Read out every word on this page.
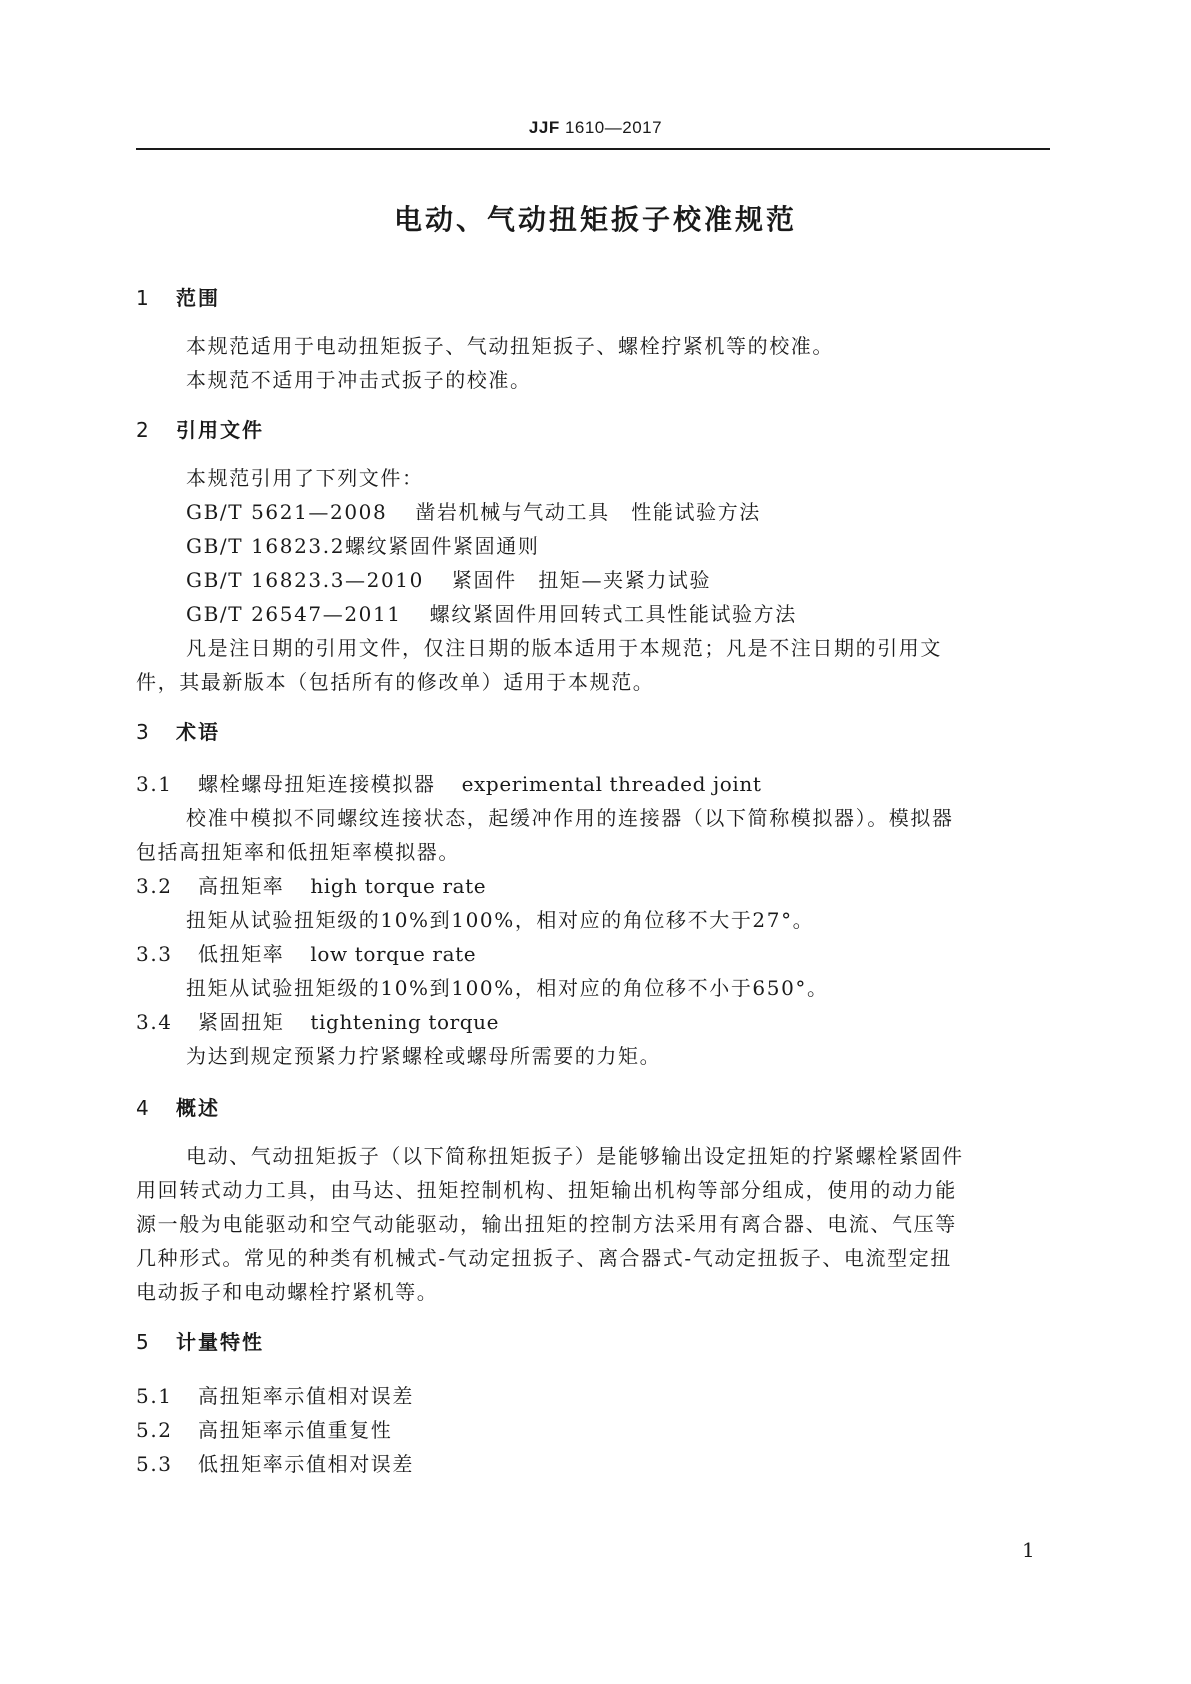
JJF 1610—2017
电动、气动扭矩扳子校准规范
1 范围
本规范适用于电动扭矩扳子、气动扭矩扳子、螺栓拧紧机等的校准。
本规范不适用于冲击式扳子的校准。
2 引用文件
本规范引用了下列文件：
GB/T 5621—2008 凿岩机械与气动工具　性能试验方法
GB/T 16823.2螺纹紧固件紧固通则
GB/T 16823.3—2010 紧固件　扭矩—夹紧力试验
GB/T 26547—2011 螺纹紧固件用回转式工具性能试验方法
凡是注日期的引用文件，仅注日期的版本适用于本规范；凡是不注日期的引用文
件，其最新版本（包括所有的修改单）适用于本规范。
3 术语
3.1 螺栓螺母扭矩连接模拟器 experimental threaded joint
校准中模拟不同螺纹连接状态，起缓冲作用的连接器（以下简称模拟器）。模拟器
包括高扭矩率和低扭矩率模拟器。
3.2 高扭矩率 high torque rate
扭矩从试验扭矩级的10%到100%，相对应的角位移不大于27°。
3.3 低扭矩率 low torque rate
扭矩从试验扭矩级的10%到100%，相对应的角位移不小于650°。
3.4 紧固扭矩 tightening torque
为达到规定预紧力拧紧螺栓或螺母所需要的力矩。
4 概述
电动、气动扭矩扳子（以下简称扭矩扳子）是能够输出设定扭矩的拧紧螺栓紧固件
用回转式动力工具，由马达、扭矩控制机构、扭矩输出机构等部分组成，使用的动力能
源一般为电能驱动和空气动能驱动，输出扭矩的控制方法采用有离合器、电流、气压等
几种形式。常见的种类有机械式-气动定扭扳子、离合器式-气动定扭扳子、电流型定扭
电动扳子和电动螺栓拧紧机等。
5 计量特性
5.1 高扭矩率示值相对误差
5.2 高扭矩率示值重复性
5.3 低扭矩率示值相对误差
1
